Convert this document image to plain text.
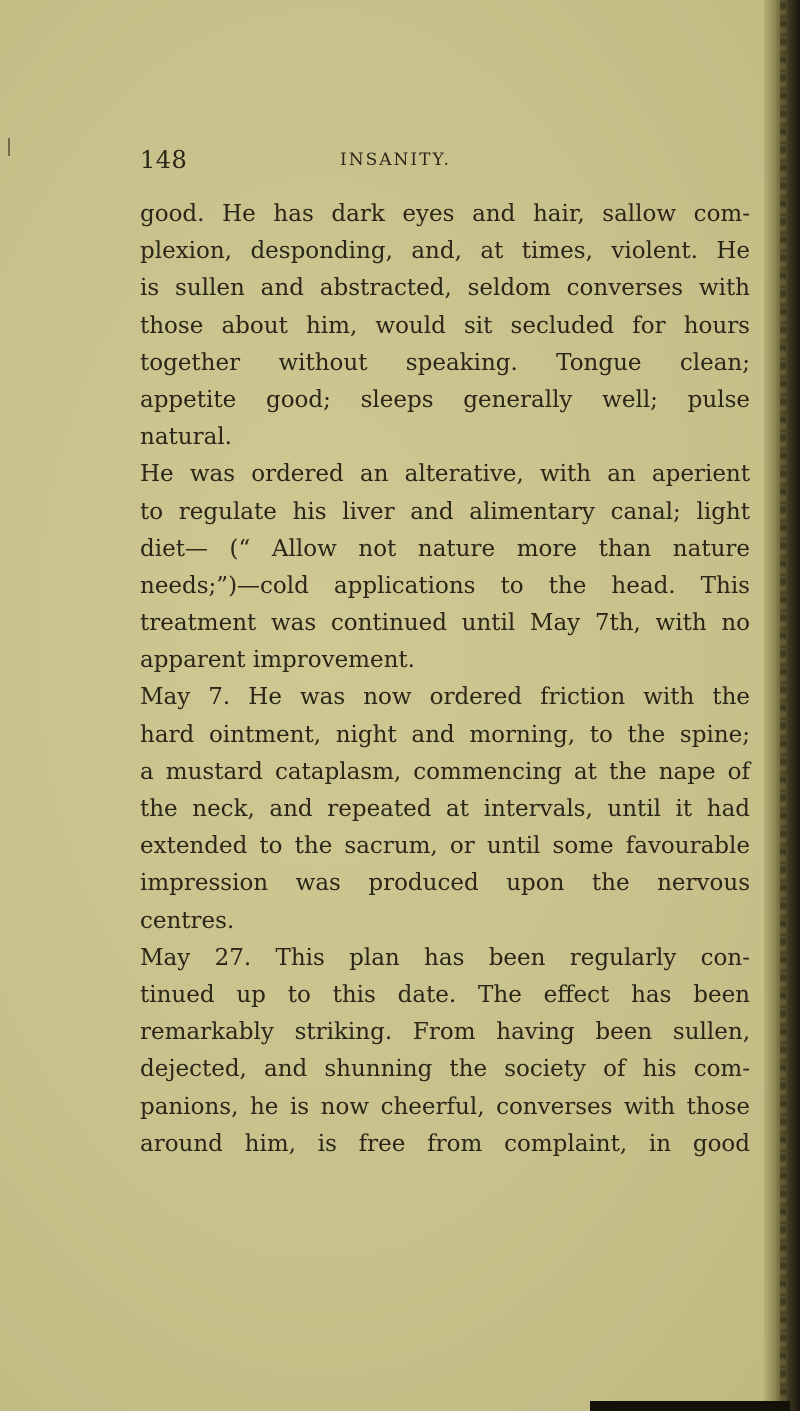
148	INSANITY.
good. He has dark eyes and hair, sallow com-
plexion, desponding, and, at times, violent. He
is sullen and abstracted, seldom converses with
those about him, would sit secluded for hours
together without speaking. Tongue clean;
appetite good; sleeps generally well; pulse
natural.
He was ordered an alterative, with an aperient
to regulate his liver and alimentary canal; light
diet— (“ Allow not nature more than nature
needs;”)—cold applications to the head. This
treatment was continued until May 7th, with no
apparent improvement.
May 7. He was now ordered friction with the
hard ointment, night and morning, to the spine;
a mustard cataplasm, commencing at the nape of
the neck, and repeated at intervals, until it had
extended to the sacrum, or until some favourable
impression was produced upon the nervous
centres.
May 27. This plan has been regularly con-
tinued up to this date. The effect has been
remarkably striking. From having been sullen,
dejected, and shunning the society of his com-
panions, he is now cheerful, converses with those
around him, is free from complaint, in good
